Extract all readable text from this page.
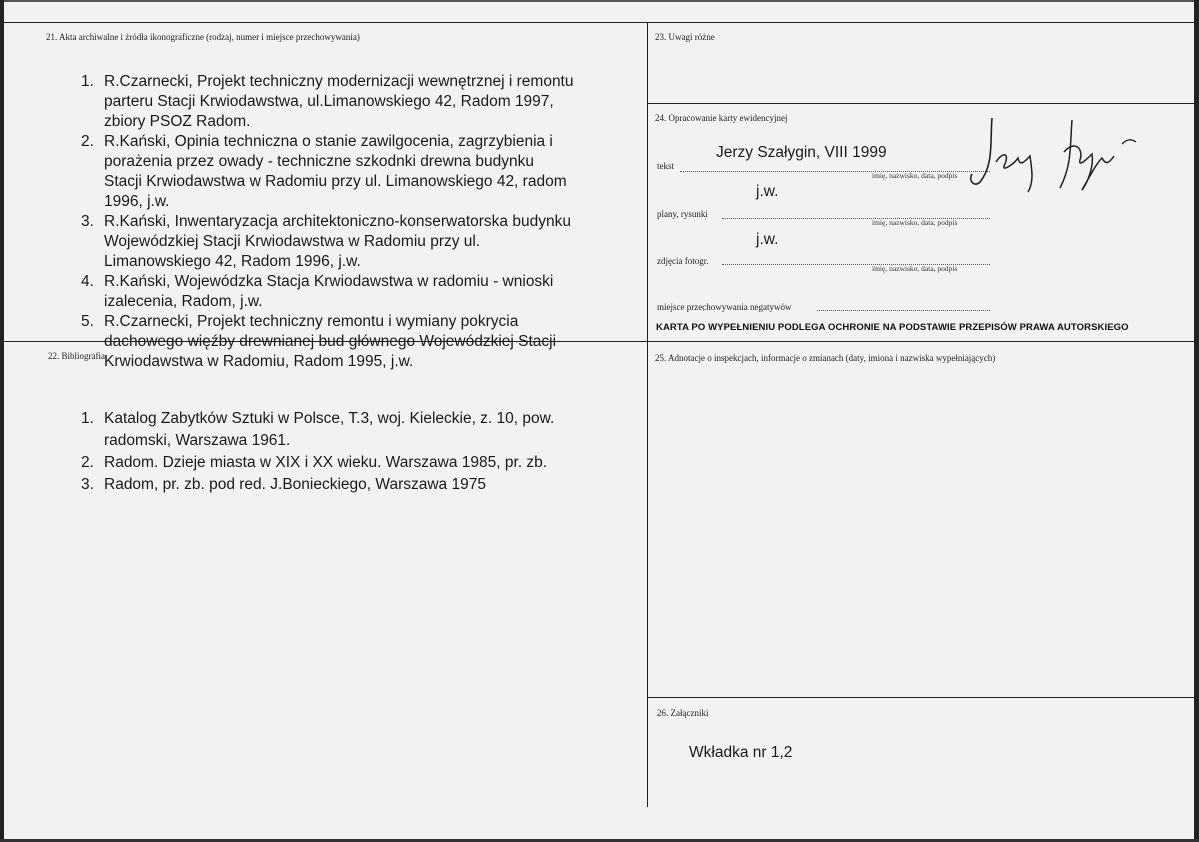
21. Akta archiwalne i źródła ikonograficzne (rodzaj, numer i miejsce przechowywania)
1. R.Czarnecki, Projekt techniczny modernizacji wewnętrznej i remontu
parteru Stacji Krwiodawstwa, ul.Limanowskiego 42, Radom 1997,
zbiory PSOZ Radom.
2. R.Kański, Opinia techniczna o stanie zawilgocenia, zagrzybienia i
porażenia przez owady - techniczne szkodnki drewna budynku
Stacji Krwiodawstwa w Radomiu przy ul. Limanowskiego 42, radom
1996, j.w.
3. R.Kański, Inwentaryzacja architektoniczno-konserwatorska budynku
Wojewódzkiej Stacji Krwiodawstwa w Radomiu przy ul.
Limanowskiego 42, Radom 1996, j.w.
4. R.Kański, Wojewódzka Stacja Krwiodawstwa w radomiu - wnioski
izalecenia, Radom, j.w.
5. R.Czarnecki, Projekt techniczny remontu i wymiany pokrycia
dachowego więźby drewnianej bud głównego Wojewódzkiej Stacji
Krwiodawstwa w Radomiu, Radom 1995, j.w.
22. Bibliografia
1. Katalog Zabytków Sztuki w Polsce, T.3, woj. Kieleckie, z. 10, pow.
radomski, Warszawa 1961.
2. Radom. Dzieje miasta w XIX i XX wieku. Warszawa 1985, pr. zb.
3. Radom, pr. zb. pod red. J.Bonieckiego, Warszawa 1975
23. Uwagi różne
24. Opracowanie karty ewidencyjnej
tekst
Jerzy Szałygin, VIII 1999
imię, nazwisko, data, podpis
plany, rysunki
j.w.
imię, nazwisko, data, podpis
zdjęcia fotogr.
j.w.
imię, nazwisko, data, podpis
miejsce przechowywania negatywów
KARTA PO WYPEŁNIENIU PODLEGA OCHRONIE NA PODSTAWIE PRZEPISÓW PRAWA AUTORSKIEGO
25. Adnotacje o inspekcjach, informacje o zmianach (daty, imiona i nazwiska wypełniających)
26. Załączniki
Wkładka nr 1,2
